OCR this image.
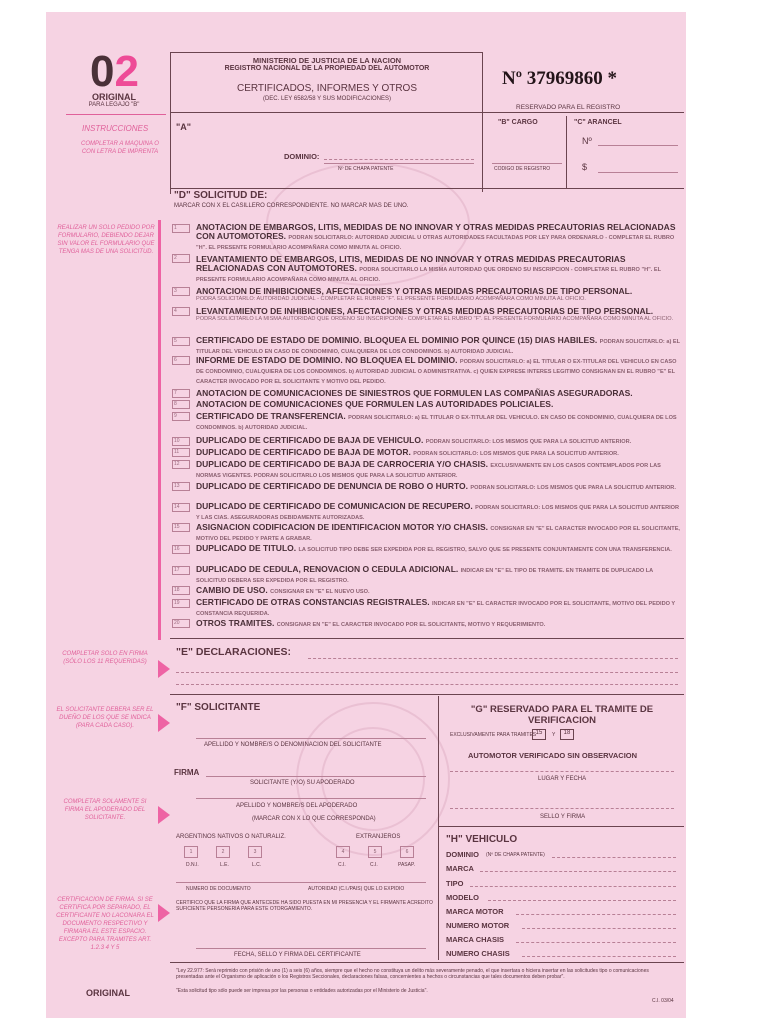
02
ORIGINAL
PARA LEGAJO "B"
MINISTERIO DE JUSTICIA DE LA NACION
REGISTRO NACIONAL DE LA PROPIEDAD DEL AUTOMOTOR
CERTIFICADOS, INFORMES Y OTROS
(DEC. LEY 6582/58 Y SUS MODIFICACIONES)
Nº 37969860 *
RESERVADO PARA EL REGISTRO
INSTRUCCIONES
COMPLETAR A MAQUINA O CON LETRA DE IMPRENTA
"A"
DOMINIO:
Nº DE CHAPA PATENTE	CODIGO DE REGISTRO
"B" CARGO	"C" ARANCEL
Nº
$
"D" SOLICITUD DE:
MARCAR CON X EL CASILLERO CORRESPONDIENTE. NO MARCAR MAS DE UNO.
REALIZAR UN SOLO PEDIDO POR FORMULARIO, DEBIENDO DEJAR SIN VALOR EL FORMULARIO QUE TENGA MAS DE UNA SOLICITUD.
1	ANOTACION DE EMBARGOS, LITIS, MEDIDAS DE NO INNOVAR Y OTRAS MEDIDAS PRECAUTORIAS RELACIONADAS CON AUTOMOTORES. PODRAN SOLICITARLO: AUTORIDAD JUDICIAL U OTRAS AUTORIDADES FACULTADAS POR LEY PARA ORDENARLO - COMPLETAR EL RUBRO "H". EL PRESENTE FORMULARIO ACOMPAÑARA COMO MINUTA AL OFICIO.
2	LEVANTAMIENTO DE EMBARGOS, LITIS, MEDIDAS DE NO INNOVAR Y OTRAS MEDIDAS PRECAUTORIAS RELACIONADAS CON AUTOMOTORES. PODRA SOLICITARLO LA MISMA AUTORIDAD QUE ORDENO SU INSCRIPCION - COMPLETAR EL RUBRO "H". EL PRESENTE FORMULARIO ACOMPAÑARA COMO MINUTA AL OFICIO.
3	ANOTACION DE INHIBICIONES, AFECTACIONES Y OTRAS MEDIDAS PRECAUTORIAS DE TIPO PERSONAL.
PODRA SOLICITARLO: AUTORIDAD JUDICIAL - COMPLETAR EL RUBRO "F". EL PRESENTE FORMULARIO ACOMPAÑARA COMO MINUTA AL OFICIO.
4	LEVANTAMIENTO DE INHIBICIONES, AFECTACIONES Y OTRAS MEDIDAS PRECAUTORIAS DE TIPO PERSONAL.
PODRA SOLICITARLO LA MISMA AUTORIDAD QUE ORDENO SU INSCRIPCION - COMPLETAR EL RUBRO "F". EL PRESENTE FORMULARIO ACOMPAÑARA COMO MINUTA AL OFICIO.
5	CERTIFICADO DE ESTADO DE DOMINIO. BLOQUEA EL DOMINIO POR QUINCE (15) DIAS HABILES. PODRAN SOLICITARLO: a) EL TITULAR DEL VEHICULO EN CASO DE CONDOMINIO, CUALQUIERA DE LOS CONDOMINOS. b) AUTORIDAD JUDICIAL.
6	INFORME DE ESTADO DE DOMINIO. NO BLOQUEA EL DOMINIO. PODRAN SOLICITARLO: a) EL TITULAR O EX-TITULAR DEL VEHICULO EN CASO DE CONDOMINIO, CUALQUIERA DE LOS CONDOMINOS. b) AUTORIDAD JUDICIAL O ADMINISTRATIVA. c) QUIEN EXPRESE INTERES LEGITIMO CONSIGNAN EN EL RUBRO "E" EL CARACTER INVOCADO POR EL SOLICITANTE Y MOTIVO DEL PEDIDO.
7	ANOTACION DE COMUNICACIONES DE SINIESTROS QUE FORMULEN LAS COMPAÑIAS ASEGURADORAS.
8	ANOTACION DE COMUNICACIONES QUE FORMULEN LAS AUTORIDADES POLICIALES.
9	CERTIFICADO DE TRANSFERENCIA. PODRAN SOLICITARLO: a) EL TITULAR O EX-TITULAR DEL VEHICULO. EN CASO DE CONDOMINIO, CUALQUIERA DE LOS CONDOMINOS. b) AUTORIDAD JUDICIAL.
10	DUPLICADO DE CERTIFICADO DE BAJA DE VEHICULO. PODRAN SOLICITARLO: LOS MISMOS QUE PARA LA SOLICITUD ANTERIOR.
11	DUPLICADO DE CERTIFICADO DE BAJA DE MOTOR. PODRAN SOLICITARLO: LOS MISMOS QUE PARA LA SOLICITUD ANTERIOR.
12	DUPLICADO DE CERTIFICADO DE BAJA DE CARROCERIA Y/O CHASIS. EXCLUSIVAMENTE EN LOS CASOS CONTEMPLADOS POR LAS NORMAS VIGENTES. PODRAN SOLICITARLO LOS MISMOS QUE PARA LA SOLICITUD ANTERIOR.
13	DUPLICADO DE CERTIFICADO DE DENUNCIA DE ROBO O HURTO. PODRAN SOLICITARLO: LOS MISMOS QUE PARA LA SOLICITUD ANTERIOR.
14	DUPLICADO DE CERTIFICADO DE COMUNICACION DE RECUPERO. PODRAN SOLICITARLO: LOS MISMOS QUE PARA LA SOLICITUD ANTERIOR Y LAS CIAS. ASEGURADORAS DEBIDAMENTE AUTORIZADAS.
15	ASIGNACION CODIFICACION DE IDENTIFICACION MOTOR Y/O CHASIS. CONSIGNAR EN "E" EL CARACTER INVOCADO POR EL SOLICITANTE, MOTIVO DEL PEDIDO Y PARTE A GRABAR.
16	DUPLICADO DE TITULO. LA SOLICITUD TIPO DEBE SER EXPEDIDA POR EL REGISTRO, SALVO QUE SE PRESENTE CONJUNTAMENTE CON UNA TRANSFERENCIA.
17	DUPLICADO DE CEDULA, RENOVACION O CEDULA ADICIONAL. INDICAR EN "E" EL TIPO DE TRAMITE. EN TRAMITE DE DUPLICADO LA SOLICITUD DEBERA SER EXPEDIDA POR EL REGISTRO.
18	CAMBIO DE USO. CONSIGNAR EN "E" EL NUEVO USO.
19	CERTIFICADO DE OTRAS CONSTANCIAS REGISTRALES. INDICAR EN "E" EL CARACTER INVOCADO POR EL SOLICITANTE, MOTIVO DEL PEDIDO Y CONSTANCIA REQUERIDA.
20	OTROS TRAMITES. CONSIGNAR EN "E" EL CARACTER INVOCADO POR EL SOLICITANTE, MOTIVO Y REQUERIMIENTO.
"E" DECLARACIONES:
COMPLETAR SOLO EN FIRMA (SÓLO LOS 11 REQUERIDAS)
"F" SOLICITANTE
EL SOLICITANTE DEBERA SER EL DUEÑO DE LOS QUE SE INDICA (PARA CADA CASO).
APELLIDO Y NOMBRE/S O DENOMINACION DEL SOLICITANTE
FIRMA
SOLICITANTE (Y/O) SU APODERADO
APELLIDO Y NOMBRE/S DEL APODERADO
COMPLETAR SOLAMENTE SI FIRMA EL APODERADO DEL SOLICITANTE.	(MARCAR CON X LO QUE CORRESPONDA)
ARGENTINOS NATIVOS O NATURALIZ.	EXTRANJEROS
1	2	3	4	5	6
D.N.I.	L.E.	L.C.	C.I.	C.I.	PASAP.
NUMERO DE DOCUMENTO	AUTORIDAD (C.I./PAIS) QUE LO EXPIDIO
CERTIFICO QUE LA FIRMA QUE ANTECEDE HA SIDO PUESTA EN MI PRESENCIA Y EL FIRMANTE ACREDITO SUFICIENTE PERSONERIA PARA ESTE OTORGAMIENTO.
CERTIFICACION DE FIRMA. SI SE CERTIFICA POR SEPARADO, EL CERTIFICANTE NO LACONARA EL DOCUMENTO RESPECTIVO Y FIRMARA EL ESTE ESPACIO. EXCEPTO PARA TRAMITES ART. 1.2.3 4 Y 5
FECHA, SELLO Y FIRMA DEL CERTIFICANTE
"G" RESERVADO PARA EL TRAMITE DE VERIFICACION
EXCLUSIVAMENTE PARA TRAMITES 15	Y	18
AUTOMOTOR VERIFICADO SIN OBSERVACION
LUGAR Y FECHA
SELLO Y FIRMA
"H" VEHICULO
DOMINIO (Nº DE CHAPA PATENTE)
MARCA
TIPO
MODELO
MARCA MOTOR
NUMERO MOTOR
MARCA CHASIS
NUMERO CHASIS
"Ley 22.977: Será reprimido con prisión de uno (1) a seis (6) años, siempre que el hecho no constituya un delito más severamente penado, el que insertara o hiciera insertar en las solicitudes tipo o comunicaciones presentadas ante el Organismo de aplicación o los Registros Seccionales, declaraciones falsas, concernientes a hechos o circunstancias que tales documentos deben probar".
"Esta solicitud tipo sólo puede ser impresa por las personas o entidades autorizadas por el Ministerio de Justicia".
ORIGINAL
C.I. 03/04
